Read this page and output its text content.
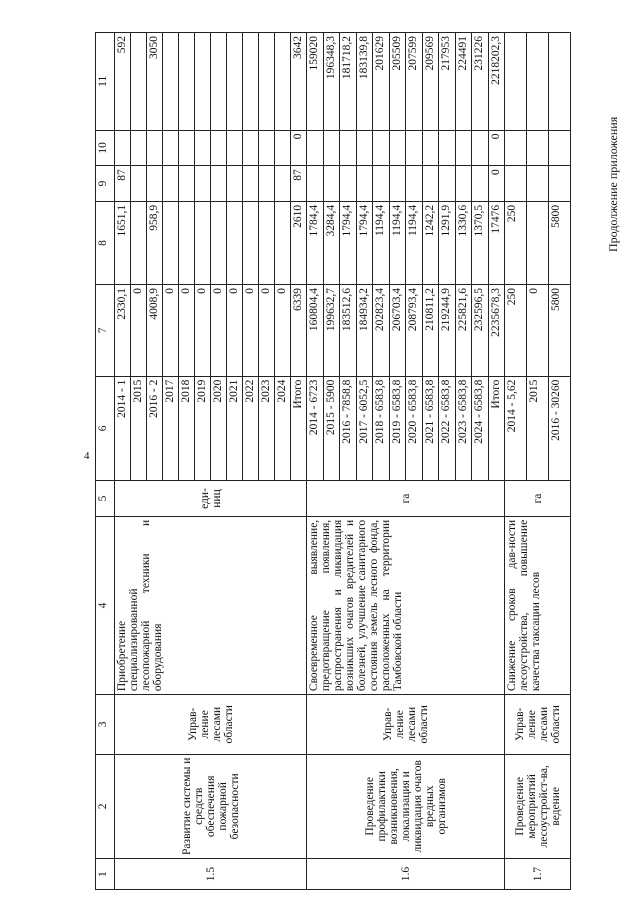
4
Продолжение приложения
1	2	3	4	5	6	7	8	9	10	11
1.5	Развитие системы и средств обеспечения пожарной безопасности	Управ-ление лесами области	Приобретение специализированной лесопожарной техники и оборудования	еди-ниц	2014 - 1	2330,1	1651,1	87		592
					2015	0				
					2016 - 2	4008,9	958,9			3050
					2017	0				
					2018	0				
					2019	0				
					2020	0				
					2021	0				
					2022	0				
					2023	0				
					2024	0				
					Итого	6339	2610	87	0	3642
1.6	Проведение профилактики возникновения, локализация и ликвидация очагов вредных организмов	Управ-ление лесами области	Своевременное выявление, предотвращение появления, распространения и ликвидация возникших очагов вредителей и болезней, улучшение санитарного состояния земель лесного фонда, расположенных на территории Тамбовской области	га	2014 - 6723	160804,4	1784,4			159020
					2015 - 5900	199632,7	3284,4			196348,3
					2016 - 7858,8	183512,6	1794,4			181718,2
					2017 - 6052,5	184934,2	1794,4			183139,8
					2018 - 6583,8	202823,4	1194,4			201629
					2019 - 6583,8	206703,4	1194,4			205509
					2020 - 6583,8	208793,4	1194,4			207599
					2021 - 6583,8	210811,2	1242,2			209569
					2022 - 6583,8	219244,9	1291,9			217953
					2023 - 6583,8	225821,6	1330,6			224491
					2024 - 6583,8	232596,5	1370,5			231226
					Итого	2235678,3	17476	0	0	2218202,3
1.7	Проведение мероприятий лесоустройст-ва, ведение	Управ-ление лесами области	Снижение сроков дав-ности лесоустройства, повышение качества таксации лесов	га	2014 - 5,62	250	250			
					2015	0				
					2016 - 30260	5800	5800			
